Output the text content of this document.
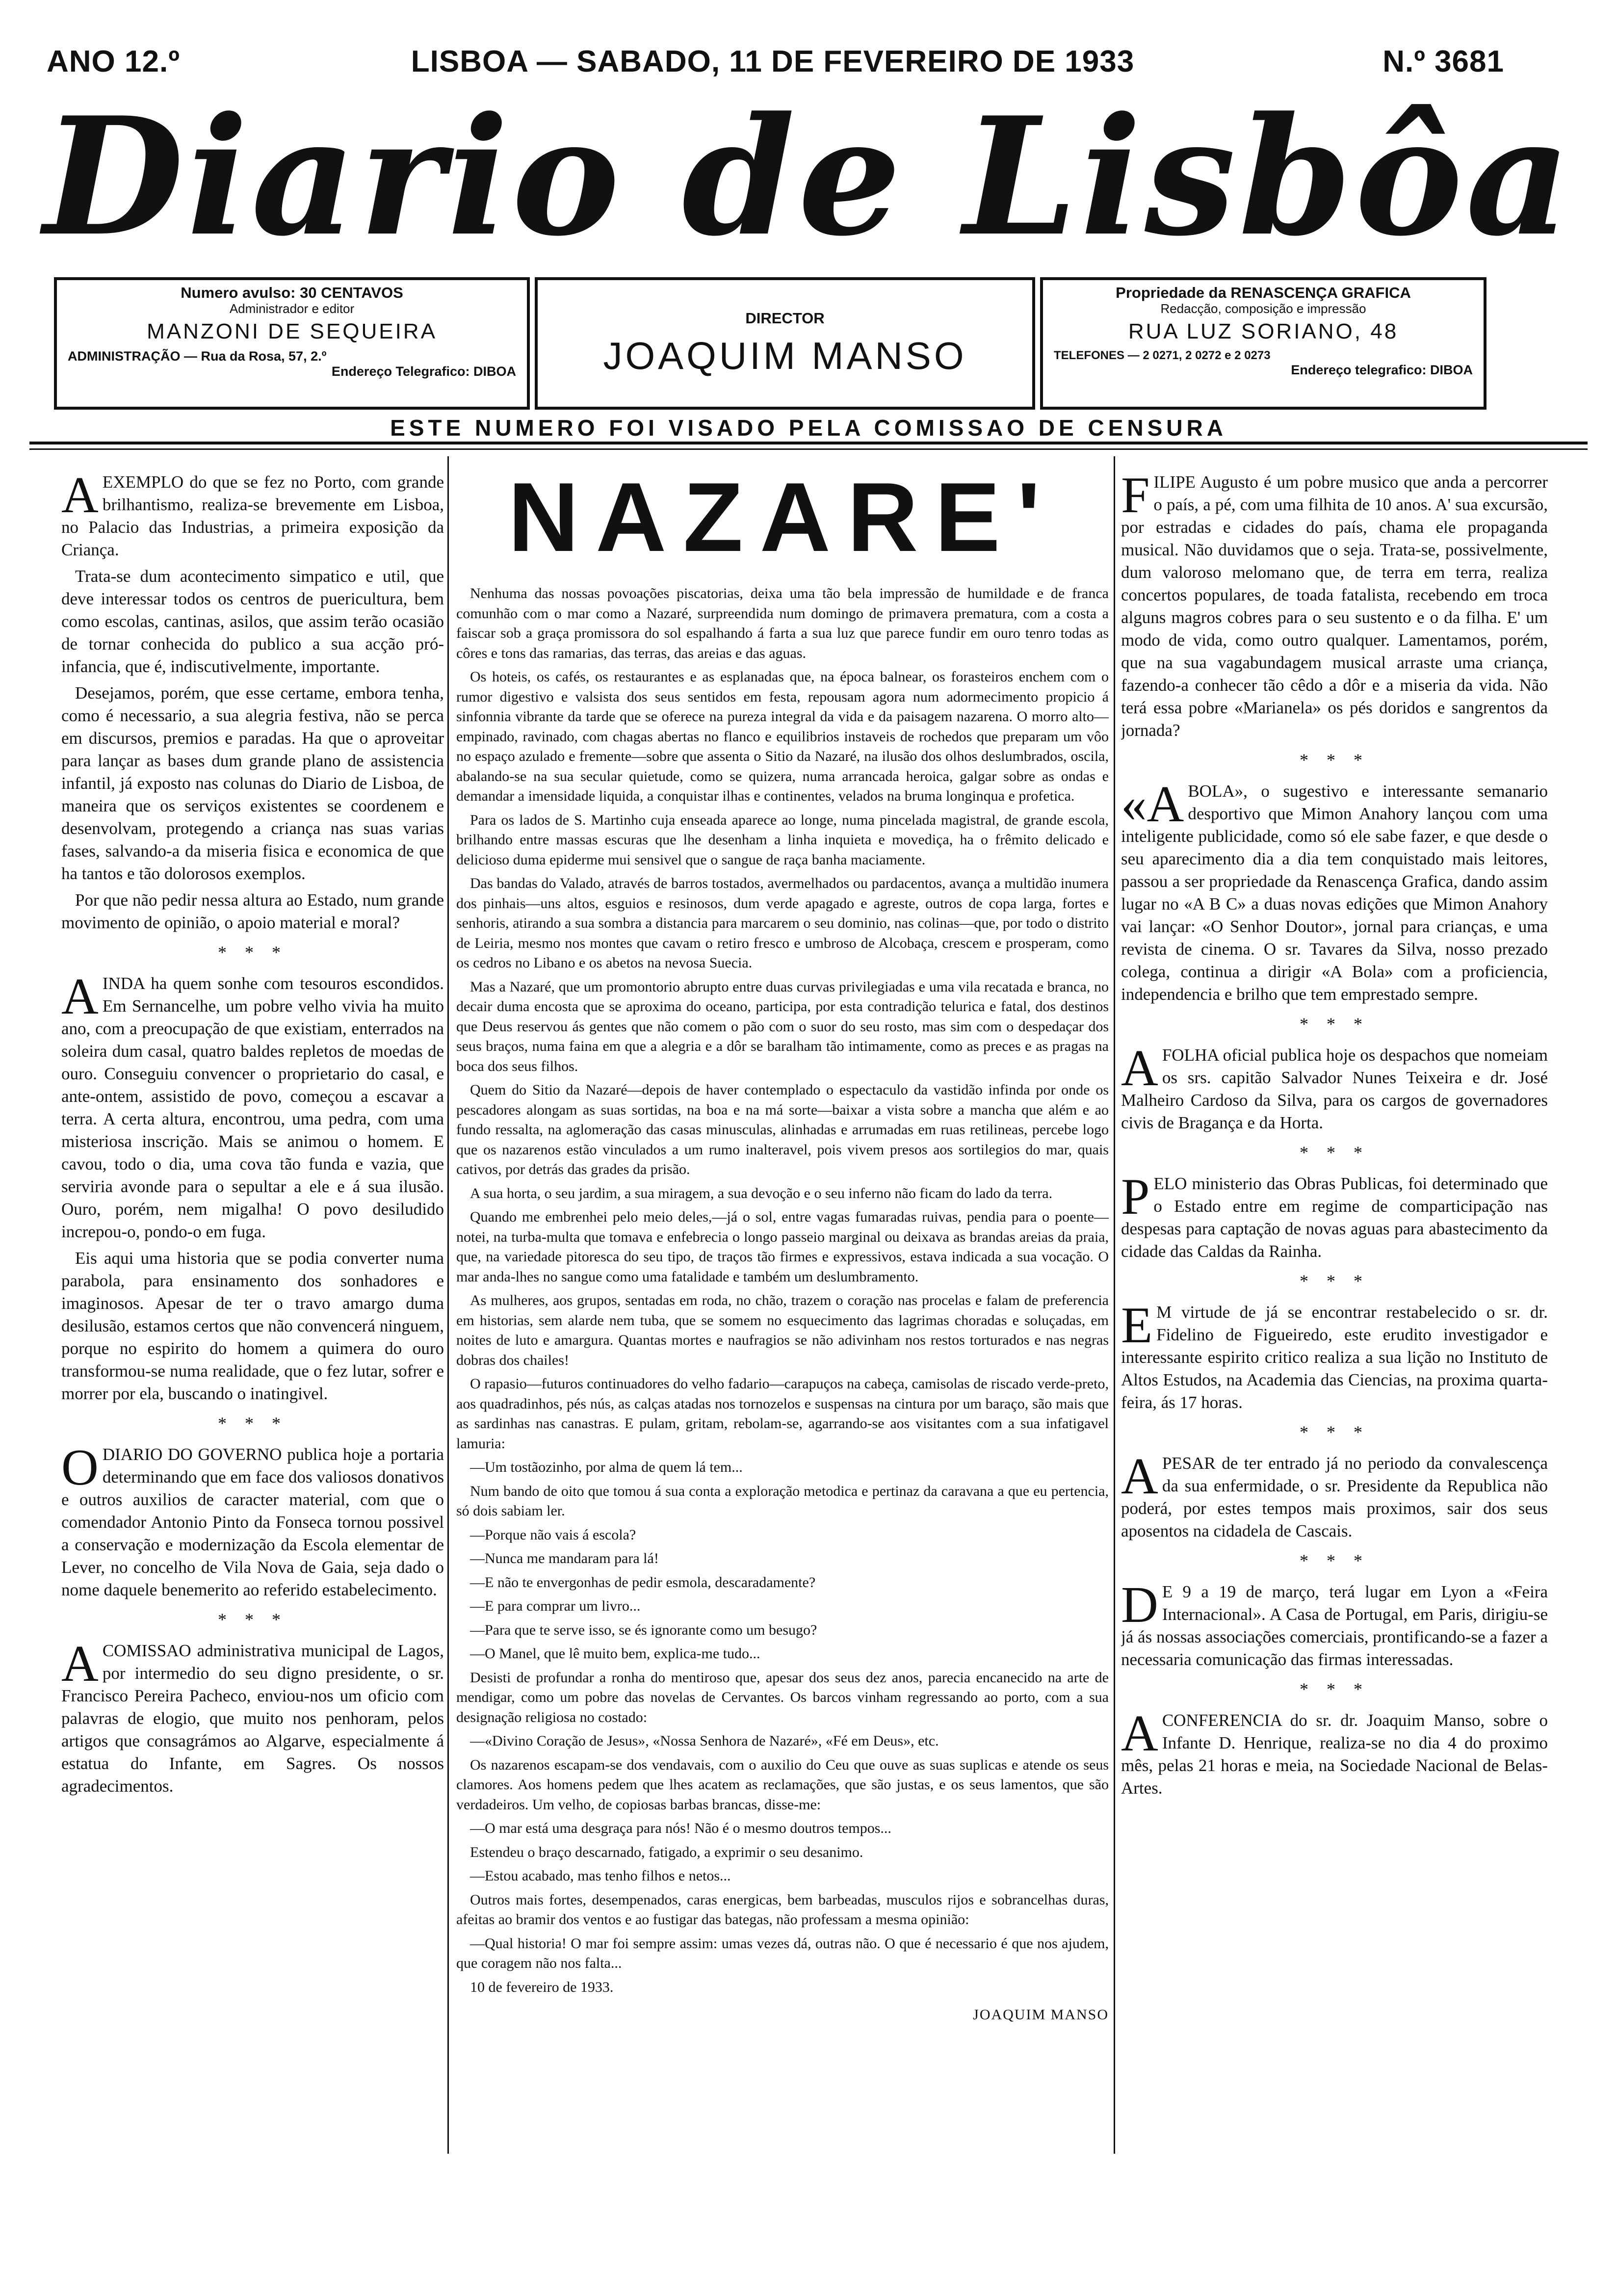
ANO 12.º	LISBOA — SABADO, 11 DE FEVEREIRO DE 1933	N.º 3681
Diario de Lisbôa
Numero avulso: 30 CENTAVOS
Administrador e editor
MANZONI DE SEQUEIRA
ADMINISTRAÇÃO — Rua da Rosa, 57, 2.º
Endereço Telegrafico: DIBOA
DIRECTOR
JOAQUIM MANSO
Propriedade da RENASCENÇA GRAFICA
Redacção, composição e impressão
RUA LUZ SORIANO, 48
TELEFONES — 2 0271, 2 0272 e 2 0273
Endereço telegrafico: DIBOA
ESTE NUMERO FOI VISADO PELA COMISSAO DE CENSURA

AEXEMPLO do que se fez no Porto, com grande brilhantismo, realiza-se brevemente em Lisboa, no Palacio das Industrias, a primeira exposição da Criança.

Trata-se dum acontecimento simpatico e util, que deve interessar todos os centros de puericultura, bem como escolas, cantinas, asilos, que assim terão ocasião de tornar conhecida do publico a sua acção pró-infancia, que é, indiscutivelmente, importante.

Desejamos, porém, que esse certame, embora tenha, como é necessario, a sua alegria festiva, não se perca em discursos, premios e paradas. Ha que o aproveitar para lançar as bases dum grande plano de assistencia infantil, já exposto nas colunas do Diario de Lisboa, de maneira que os serviços existentes se coordenem e desenvolvam, protegendo a criança nas suas varias fases, salvando-a da miseria fisica e economica de que ha tantos e tão dolorosos exemplos.

Por que não pedir nessa altura ao Estado, num grande movimento de opinião, o apoio material e moral?

* * *

AINDA ha quem sonhe com tesouros escondidos. Em Sernancelhe, um pobre velho vivia ha muito ano, com a preocupação de que existiam, enterrados na soleira dum casal, quatro baldes repletos de moedas de ouro. Conseguiu convencer o proprietario do casal, e ante-ontem, assistido de povo, começou a escavar a terra. A certa altura, encontrou, uma pedra, com uma misteriosa inscrição. Mais se animou o homem. E cavou, todo o dia, uma cova tão funda e vazia, que serviria avonde para o sepultar a ele e á sua ilusão. Ouro, porém, nem migalha! O povo desiludido increpou-o, pondo-o em fuga.

Eis aqui uma historia que se podia converter numa parabola, para ensinamento dos sonhadores e imaginosos. Apesar de ter o travo amargo duma desilusão, estamos certos que não convencerá ninguem, porque no espirito do homem a quimera do ouro transformou-se numa realidade, que o fez lutar, sofrer e morrer por ela, buscando o inatingivel.

* * *

ODIARIO DO GOVERNO publica hoje a portaria determinando que em face dos valiosos donativos e outros auxilios de caracter material, com que o comendador Antonio Pinto da Fonseca tornou possivel a conservação e modernização da Escola elementar de Lever, no concelho de Vila Nova de Gaia, seja dado o nome daquele benemerito ao referido estabelecimento.

* * *

ACOMISSAO administrativa municipal de Lagos, por intermedio do seu digno presidente, o sr. Francisco Pereira Pacheco, enviou-nos um oficio com palavras de elogio, que muito nos penhoram, pelos artigos que consagrámos ao Algarve, especialmente á estatua do Infante, em Sagres. Os nossos agradecimentos.

NAZARE'

Nenhuma das nossas povoações piscatorias, deixa uma tão bela impressão de humildade e de franca comunhão com o mar como a Nazaré, surpreendida num domingo de primavera prematura, com a costa a faiscar sob a graça promissora do sol espalhando á farta a sua luz que parece fundir em ouro tenro todas as côres e tons das ramarias, das terras, das areias e das aguas.

Os hoteis, os cafés, os restaurantes e as esplanadas que, na época balnear, os forasteiros enchem com o rumor digestivo e valsista dos seus sentidos em festa, repousam agora num adormecimento propicio á sinfonnia vibrante da tarde que se oferece na pureza integral da vida e da paisagem nazarena. O morro alto—empinado, ravinado, com chagas abertas no flanco e equilibrios instaveis de rochedos que preparam um vôo no espaço azulado e fremente—sobre que assenta o Sitio da Nazaré, na ilusão dos olhos deslumbrados, oscila, abalando-se na sua secular quietude, como se quizera, numa arrancada heroica, galgar sobre as ondas e demandar a imensidade liquida, a conquistar ilhas e continentes, velados na bruma longinqua e profetica.

Para os lados de S. Martinho cuja enseada aparece ao longe, numa pincelada magistral, de grande escola, brilhando entre massas escuras que lhe desenham a linha inquieta e movediça, ha o frêmito delicado e delicioso duma epiderme mui sensivel que o sangue de raça banha maciamente.

Das bandas do Valado, através de barros tostados, avermelhados ou pardacentos, avança a multidão inumera dos pinhais—uns altos, esguios e resinosos, dum verde apagado e agreste, outros de copa larga, fortes e senhoris, atirando a sua sombra a distancia para marcarem o seu dominio, nas colinas—que, por todo o distrito de Leiria, mesmo nos montes que cavam o retiro fresco e umbroso de Alcobaça, crescem e prosperam, como os cedros no Libano e os abetos na nevosa Suecia.

Mas a Nazaré, que um promontorio abrupto entre duas curvas privilegiadas e uma vila recatada e branca, no decair duma encosta que se aproxima do oceano, participa, por esta contradição telurica e fatal, dos destinos que Deus reservou ás gentes que não comem o pão com o suor do seu rosto, mas sim com o despedaçar dos seus braços, numa faina em que a alegria e a dôr se baralham tão intimamente, como as preces e as pragas na boca dos seus filhos.

Quem do Sitio da Nazaré—depois de haver contemplado o espectaculo da vastidão infinda por onde os pescadores alongam as suas sortidas, na boa e na má sorte—baixar a vista sobre a mancha que além e ao fundo ressalta, na aglomeração das casas minusculas, alinhadas e arrumadas em ruas retilineas, percebe logo que os nazarenos estão vinculados a um rumo inalteravel, pois vivem presos aos sortilegios do mar, quais cativos, por detrás das grades da prisão.

A sua horta, o seu jardim, a sua miragem, a sua devoção e o seu inferno não ficam do lado da terra.

Quando me embrenhei pelo meio deles,—já o sol, entre vagas fumaradas ruivas, pendia para o poente—notei, na turba-multa que tomava e enfebrecia o longo passeio marginal ou deixava as brandas areias da praia, que, na variedade pitoresca do seu tipo, de traços tão firmes e expressivos, estava indicada a sua vocação. O mar anda-lhes no sangue como uma fatalidade e também um deslumbramento.

As mulheres, aos grupos, sentadas em roda, no chão, trazem o coração nas procelas e falam de preferencia em historias, sem alarde nem tuba, que se somem no esquecimento das lagrimas choradas e soluçadas, em noites de luto e amargura. Quantas mortes e naufragios se não adivinham nos restos torturados e nas negras dobras dos chailes!

O rapasio—futuros continuadores do velho fadario—carapuços na cabeça, camisolas de riscado verde-preto, aos quadradinhos, pés nús, as calças atadas nos tornozelos e suspensas na cintura por um baraço, são mais que as sardinhas nas canastras. E pulam, gritam, rebolam-se, agarrando-se aos visitantes com a sua infatigavel lamuria:

—Um tostãozinho, por alma de quem lá tem...

Num bando de oito que tomou á sua conta a exploração metodica e pertinaz da caravana a que eu pertencia, só dois sabiam ler.

—Porque não vais á escola?

—Nunca me mandaram para lá!

—E não te envergonhas de pedir esmola, descaradamente?

—E para comprar um livro...

—Para que te serve isso, se és ignorante como um besugo?

—O Manel, que lê muito bem, explica-me tudo...

Desisti de profundar a ronha do mentiroso que, apesar dos seus dez anos, parecia encanecido na arte de mendigar, como um pobre das novelas de Cervantes. Os barcos vinham regressando ao porto, com a sua designação religiosa no costado:

—«Divino Coração de Jesus», «Nossa Senhora de Nazaré», «Fé em Deus», etc.

Os nazarenos escapam-se dos vendavais, com o auxilio do Ceu que ouve as suas suplicas e atende os seus clamores. Aos homens pedem que lhes acatem as reclamações, que são justas, e os seus lamentos, que são verdadeiros. Um velho, de copiosas barbas brancas, disse-me:

—O mar está uma desgraça para nós! Não é o mesmo doutros tempos...

Estendeu o braço descarnado, fatigado, a exprimir o seu desanimo.

—Estou acabado, mas tenho filhos e netos...

Outros mais fortes, desempenados, caras energicas, bem barbeadas, musculos rijos e sobrancelhas duras, afeitas ao bramir dos ventos e ao fustigar das bategas, não professam a mesma opinião:

—Qual historia! O mar foi sempre assim: umas vezes dá, outras não. O que é necessario é que nos ajudem, que coragem não nos falta...

10 de fevereiro de 1933.

JOAQUIM MANSO

FILIPE Augusto é um pobre musico que anda a percorrer o país, a pé, com uma filhita de 10 anos. A' sua excursão, por estradas e cidades do país, chama ele propaganda musical. Não duvidamos que o seja. Trata-se, possivelmente, dum valoroso melomano que, de terra em terra, realiza concertos populares, de toada fatalista, recebendo em troca alguns magros cobres para o seu sustento e o da filha. E' um modo de vida, como outro qualquer. Lamentamos, porém, que na sua vagabundagem musical arraste uma criança, fazendo-a conhecer tão cêdo a dôr e a miseria da vida. Não terá essa pobre «Marianela» os pés doridos e sangrentos da jornada?

* * *

«ABOLA», o sugestivo e interessante semanario desportivo que Mimon Anahory lançou com uma inteligente publicidade, como só ele sabe fazer, e que desde o seu aparecimento dia a dia tem conquistado mais leitores, passou a ser propriedade da Renascença Grafica, dando assim lugar no «A B C» a duas novas edições que Mimon Anahory vai lançar: «O Senhor Doutor», jornal para crianças, e uma revista de cinema. O sr. Tavares da Silva, nosso prezado colega, continua a dirigir «A Bola» com a proficiencia, independencia e brilho que tem emprestado sempre.

* * *

AFOLHA oficial publica hoje os despachos que nomeiam os srs. capitão Salvador Nunes Teixeira e dr. José Malheiro Cardoso da Silva, para os cargos de governadores civis de Bragança e da Horta.

* * *

PELO ministerio das Obras Publicas, foi determinado que o Estado entre em regime de comparticipação nas despesas para captação de novas aguas para abastecimento da cidade das Caldas da Rainha.

* * *

EM virtude de já se encontrar restabelecido o sr. dr. Fidelino de Figueiredo, este erudito investigador e interessante espirito critico realiza a sua lição no Instituto de Altos Estudos, na Academia das Ciencias, na proxima quarta-feira, ás 17 horas.

* * *

APESAR de ter entrado já no periodo da convalescença da sua enfermidade, o sr. Presidente da Republica não poderá, por estes tempos mais proximos, sair dos seus aposentos na cidadela de Cascais.

* * *

DE 9 a 19 de março, terá lugar em Lyon a «Feira Internacional». A Casa de Portugal, em Paris, dirigiu-se já ás nossas associações comerciais, prontificando-se a fazer a necessaria comunicação das firmas interessadas.

* * *

ACONFERENCIA do sr. dr. Joaquim Manso, sobre o Infante D. Henrique, realiza-se no dia 4 do proximo mês, pelas 21 horas e meia, na Sociedade Nacional de Belas-Artes.
